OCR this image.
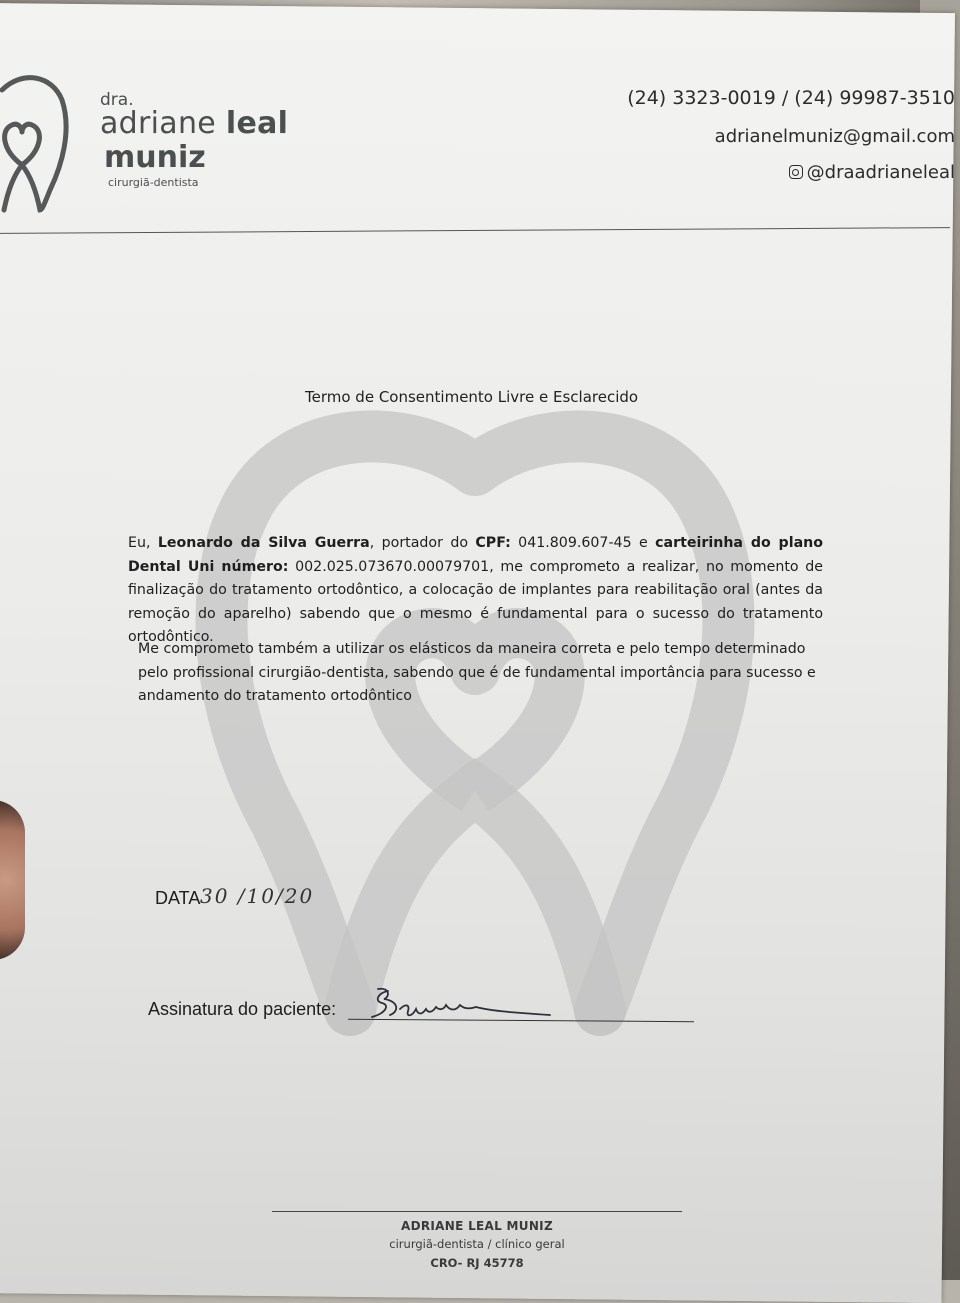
dra.
adriane leal
muniz
cirurgiã-dentista
(24) 3323-0019 / (24) 99987-3510
adrianelmuniz@gmail.com
@draadrianeleal
Termo de Consentimento Livre e Esclarecido
Eu, Leonardo da Silva Guerra, portador do CPF: 041.809.607-45 e carteirinha do plano Dental Uni número: 002.025.073670.00079701, me comprometo a realizar, no momento de finalização do tratamento ortodôntico, a colocação de implantes para reabilitação oral (antes da remoção do aparelho) sabendo que o mesmo é fundamental para o sucesso do tratamento ortodôntico.
Me comprometo também a utilizar os elásticos da maneira correta e pelo tempo determinado pelo profissional cirurgião-dentista, sabendo que é de fundamental importância para sucesso e andamento do tratamento ortodôntico
DATA 30 /10/20
Assinatura do paciente:
ADRIANE LEAL MUNIZ
cirurgiã-dentista / clínico geral
CRO- RJ 45778
